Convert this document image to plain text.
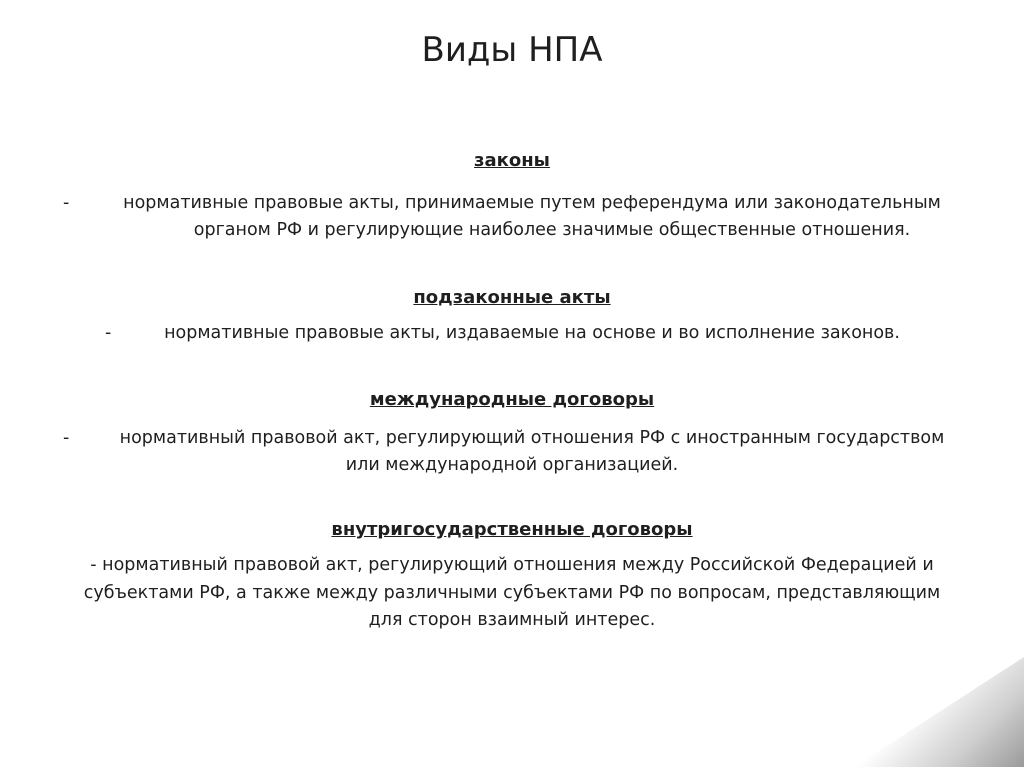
Виды НПА
законы
-	нормативные правовые акты, принимаемые путем референдума или законодательным
органом РФ и регулирующие наиболее значимые общественные отношения.
подзаконные акты
-	нормативные правовые акты, издаваемые на основе и во исполнение законов.
международные договоры
-	нормативный правовой акт, регулирующий отношения РФ с иностранным государством
или международной организацией.
внутригосударственные договоры
- нормативный правовой акт, регулирующий отношения между Российской Федерацией и
субъектами РФ, а также между различными субъектами РФ по вопросам, представляющим
для сторон взаимный интерес.
